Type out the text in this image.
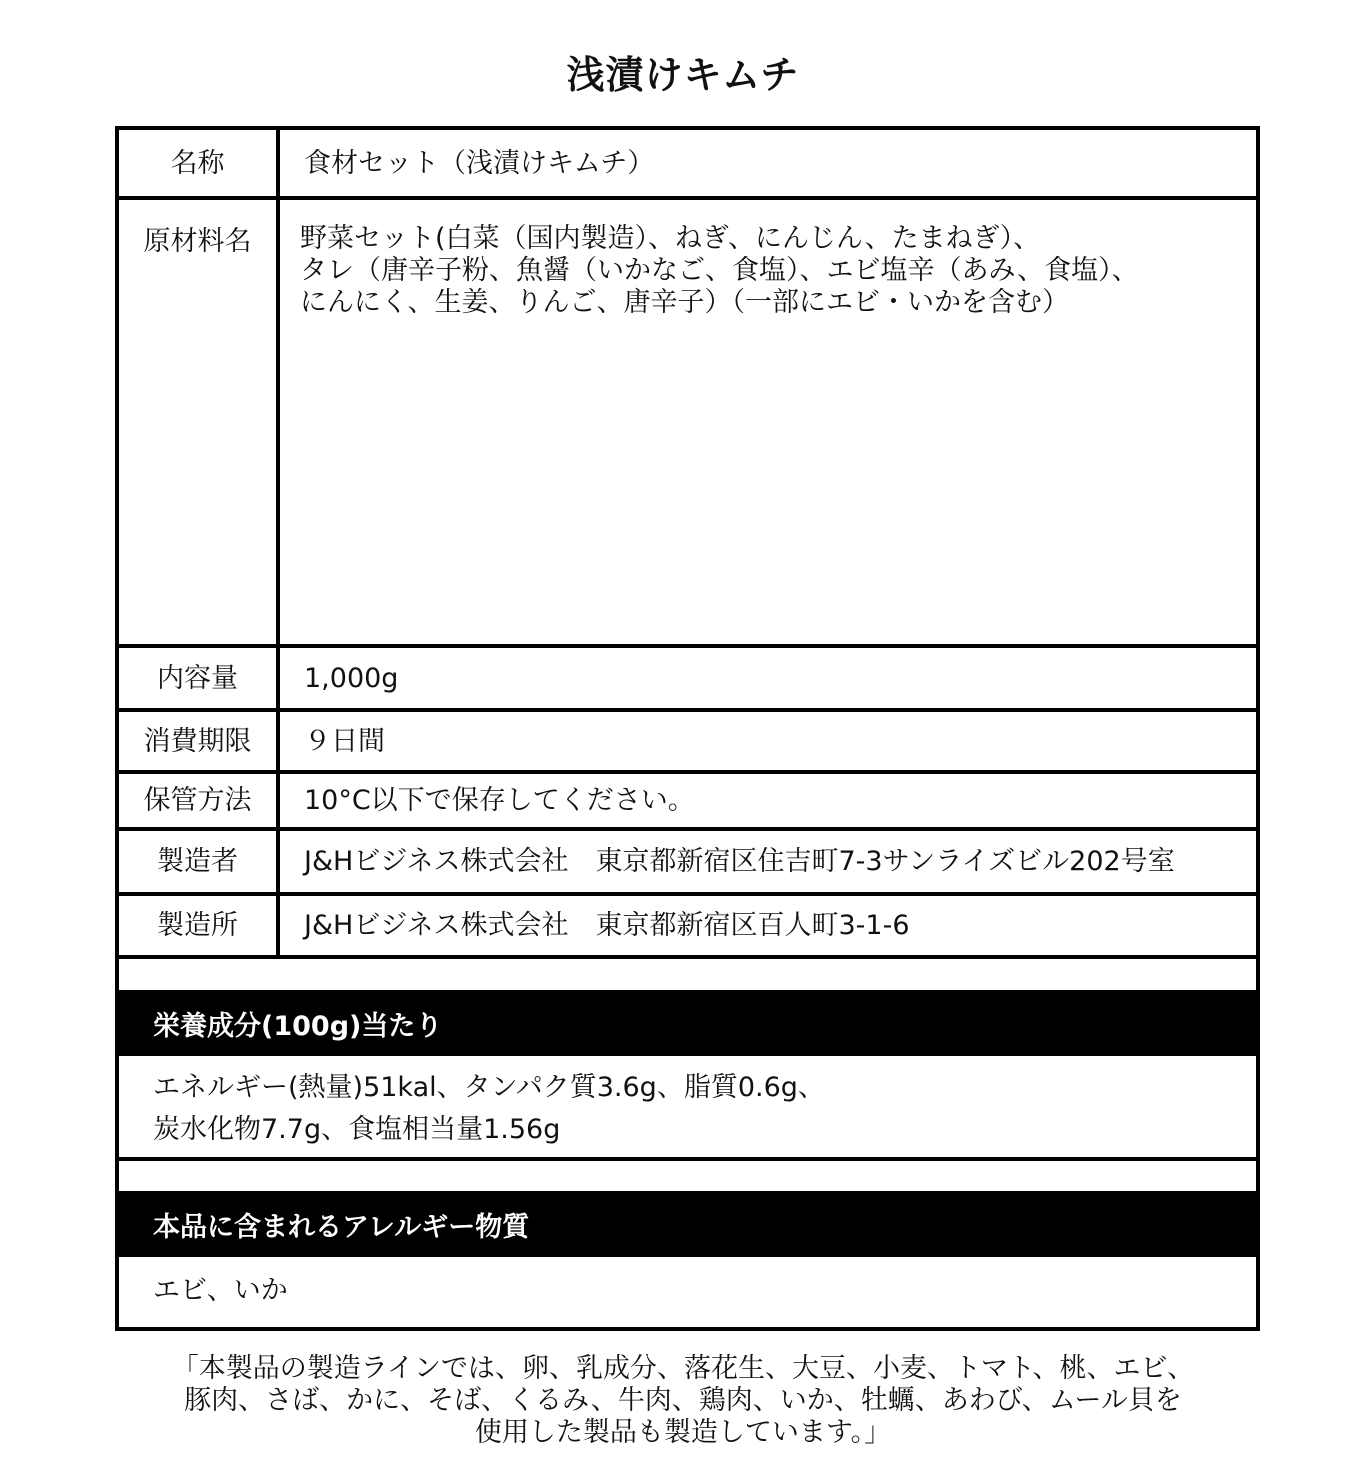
浅漬けキムチ
名称	食材セット（浅漬けキムチ）
原材料名	野菜セット(白菜（国内製造）、ねぎ、にんじん、たまねぎ）、
タレ（唐辛子粉、魚醤（いかなご、食塩）、エビ塩辛（あみ、食塩）、
にんにく、生姜、りんご、唐辛子）（一部にエビ・いかを含む）
内容量	1,000g
消費期限	９日間
保管方法	10°C以下で保存してください。
製造者	J&Hビジネス株式会社　東京都新宿区住吉町7-3サンライズビル202号室
製造所	J&Hビジネス株式会社　東京都新宿区百人町3-1-6
栄養成分(100g)当たり
エネルギー(熱量)51kal、タンパク質3.6g、脂質0.6g、
炭水化物7.7g、食塩相当量1.56g
本品に含まれるアレルギー物質
エビ、いか
「本製品の製造ラインでは、卵、乳成分、落花生、大豆、小麦、トマト、桃、エビ、
豚肉、さば、かに、そば、くるみ、牛肉、鶏肉、いか、牡蠣、あわび、ムール貝を
使用した製品も製造しています。」
